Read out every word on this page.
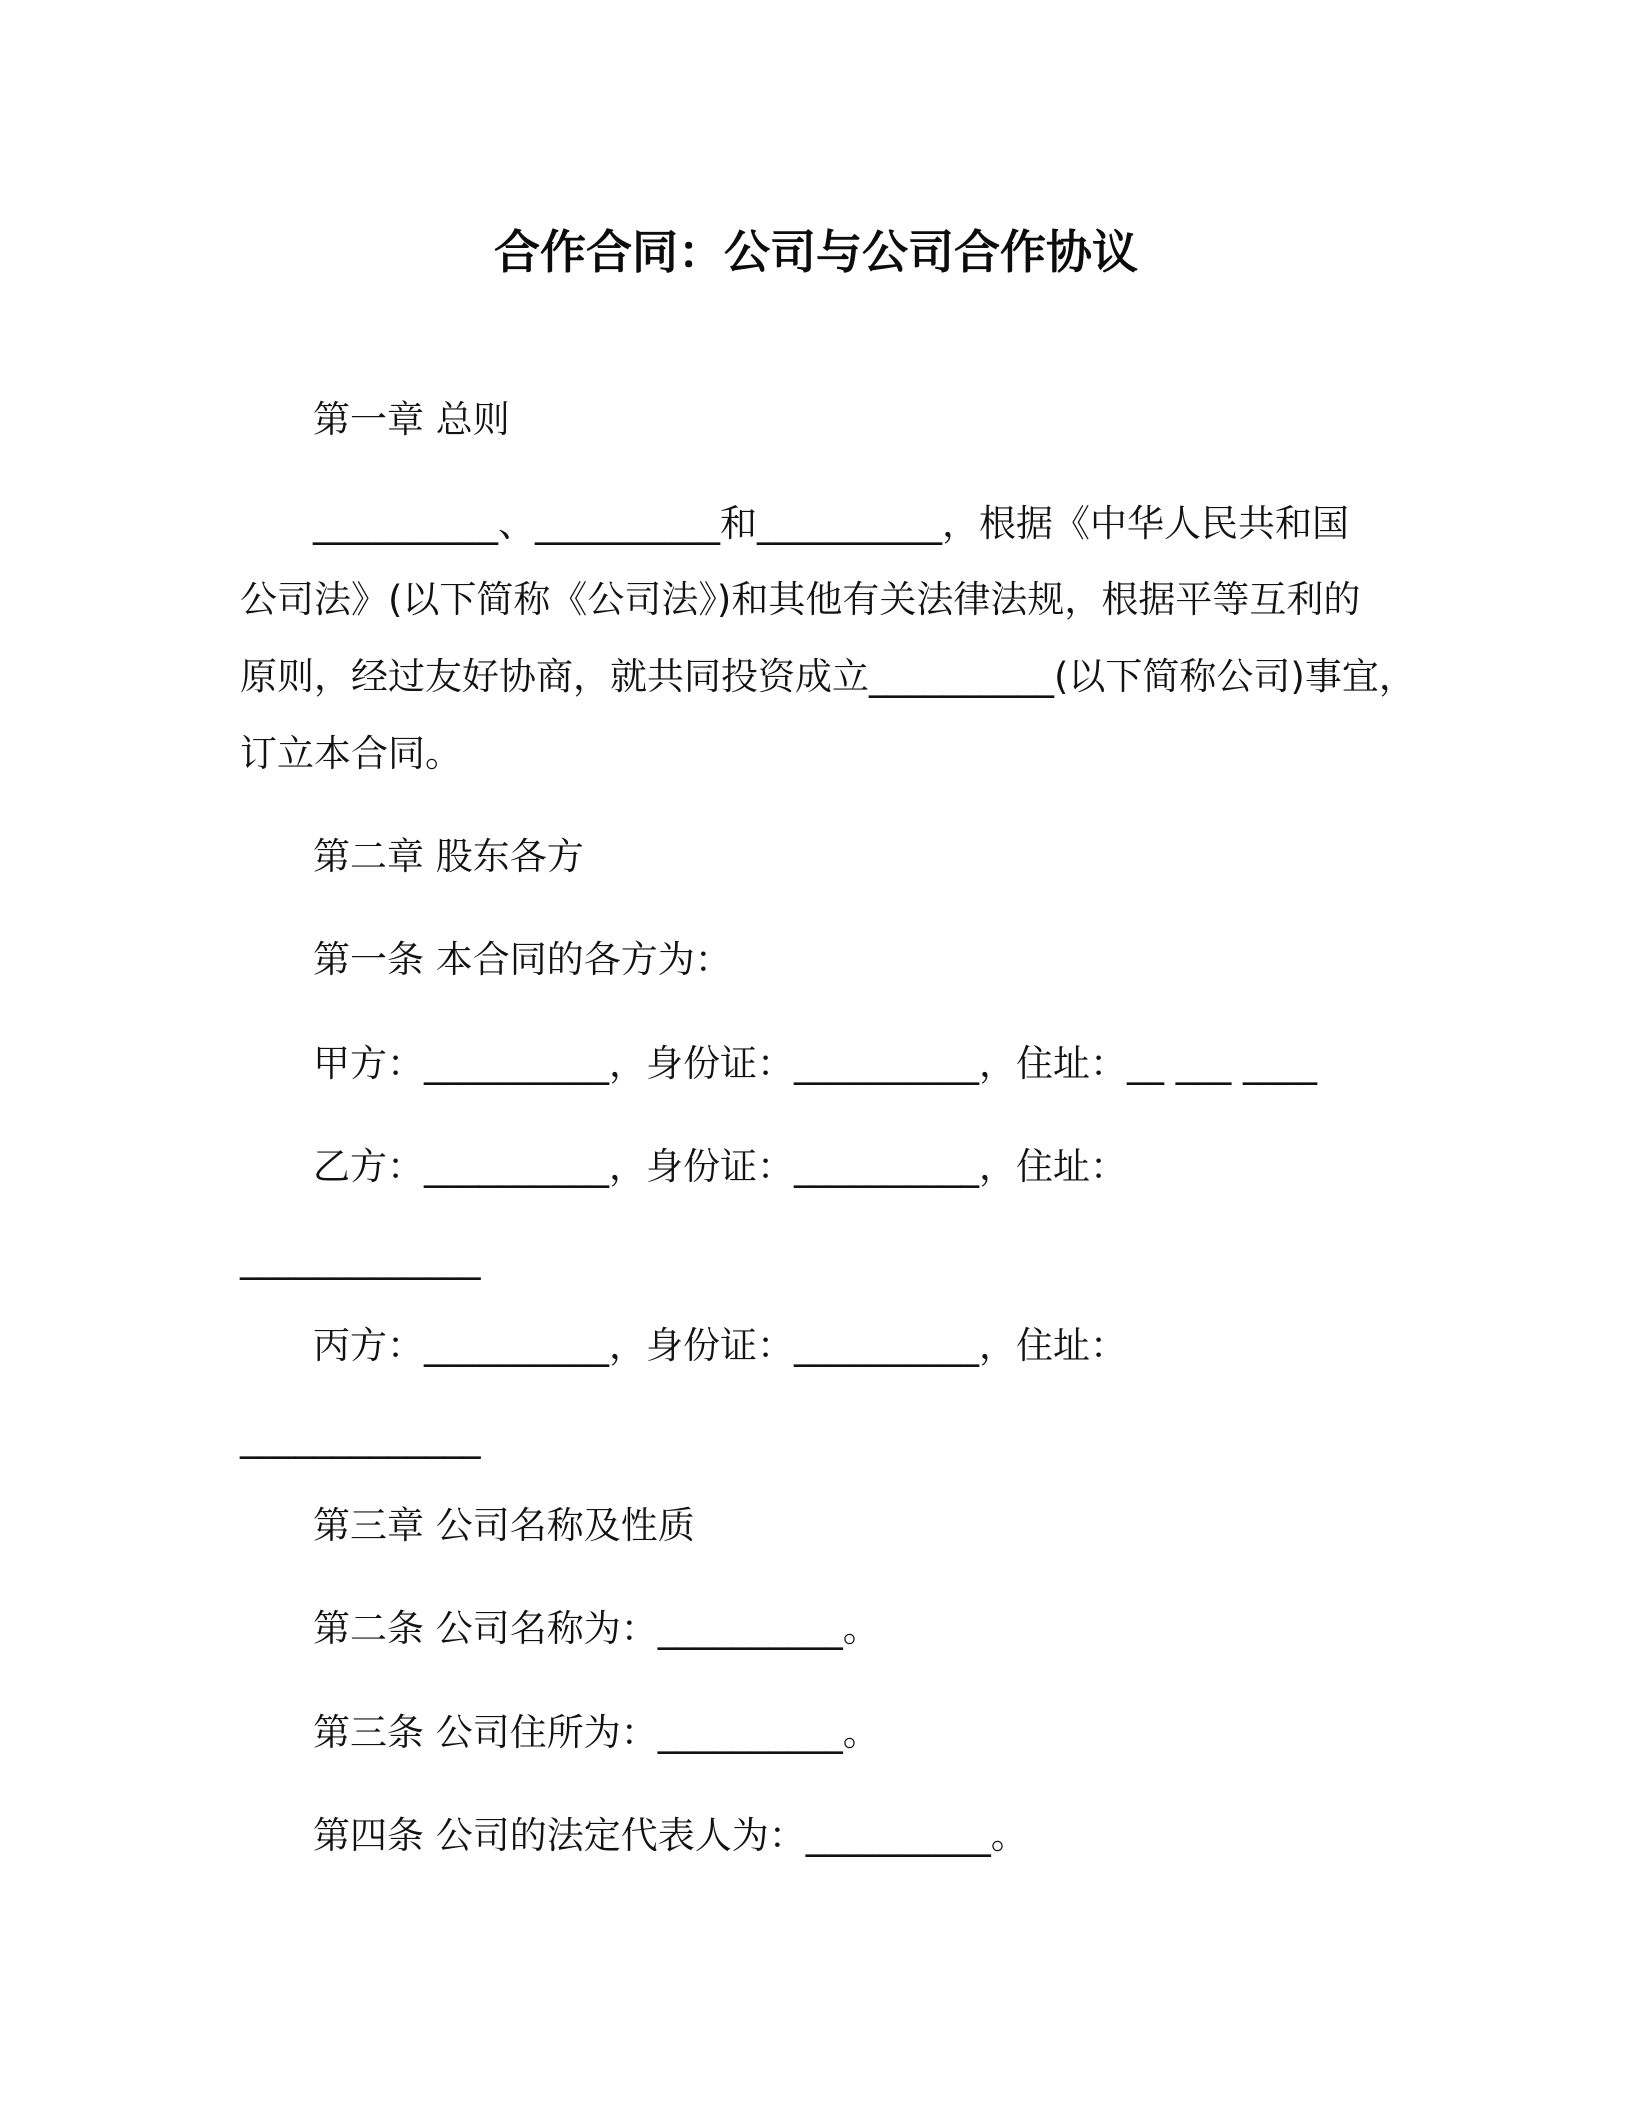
合作合同：公司与公司合作协议
第一章 总则
__________、__________和__________，根据《中华人民共和国
公司法》(以下简称《公司法》)和其他有关法律法规，根据平等互利的
原则，经过友好协商，就共同投资成立__________(以下简称公司)事宜，
订立本合同。
第二章 股东各方
第一条 本合同的各方为：
甲方：__________，身份证：__________，住址：__ ___ ____
乙方：__________，身份证：__________，住址：
_____________
丙方：__________，身份证：__________，住址：
_____________
第三章 公司名称及性质
第二条 公司名称为：__________。
第三条 公司住所为：__________。
第四条 公司的法定代表人为：__________。
